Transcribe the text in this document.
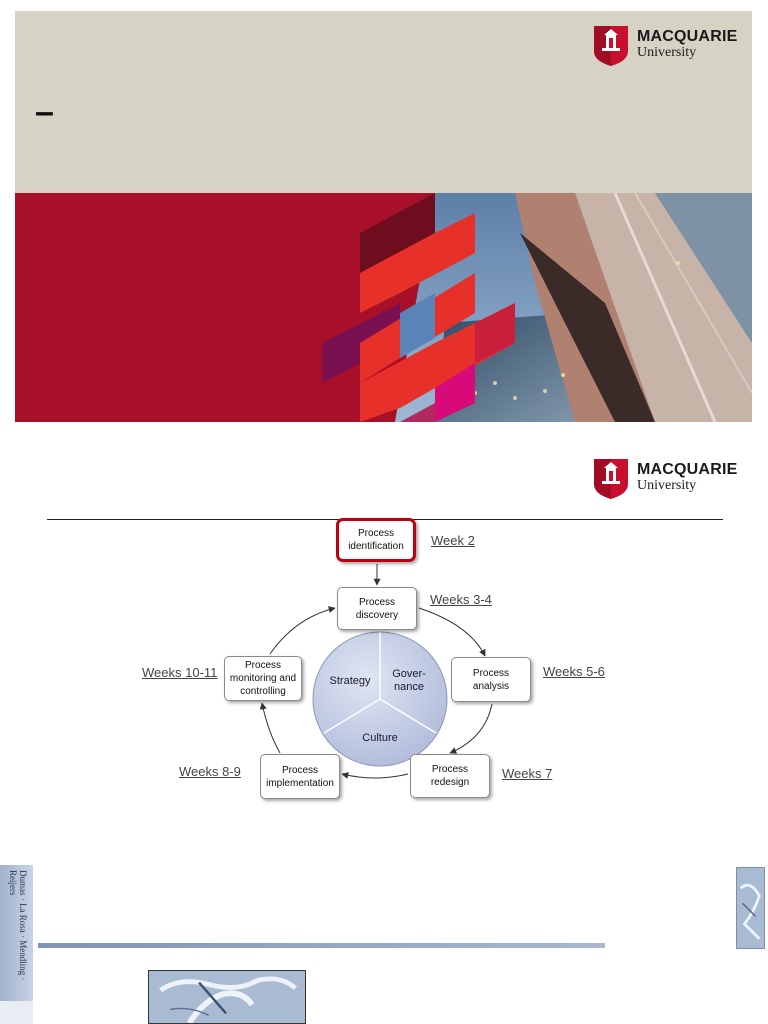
–
MACQUARIE
University
MACQUARIE
University
Strategy
Gover-
nance
Culture
Process
identification
Process
discovery
Process
analysis
Process
redesign
Process
implementation
Process
monitoring and
controlling
Week 2
Weeks 3-4
Weeks 5-6
Weeks 7
Weeks 8-9
Weeks 10-11
Dumas · La Rosa · Mendling · Reijers
